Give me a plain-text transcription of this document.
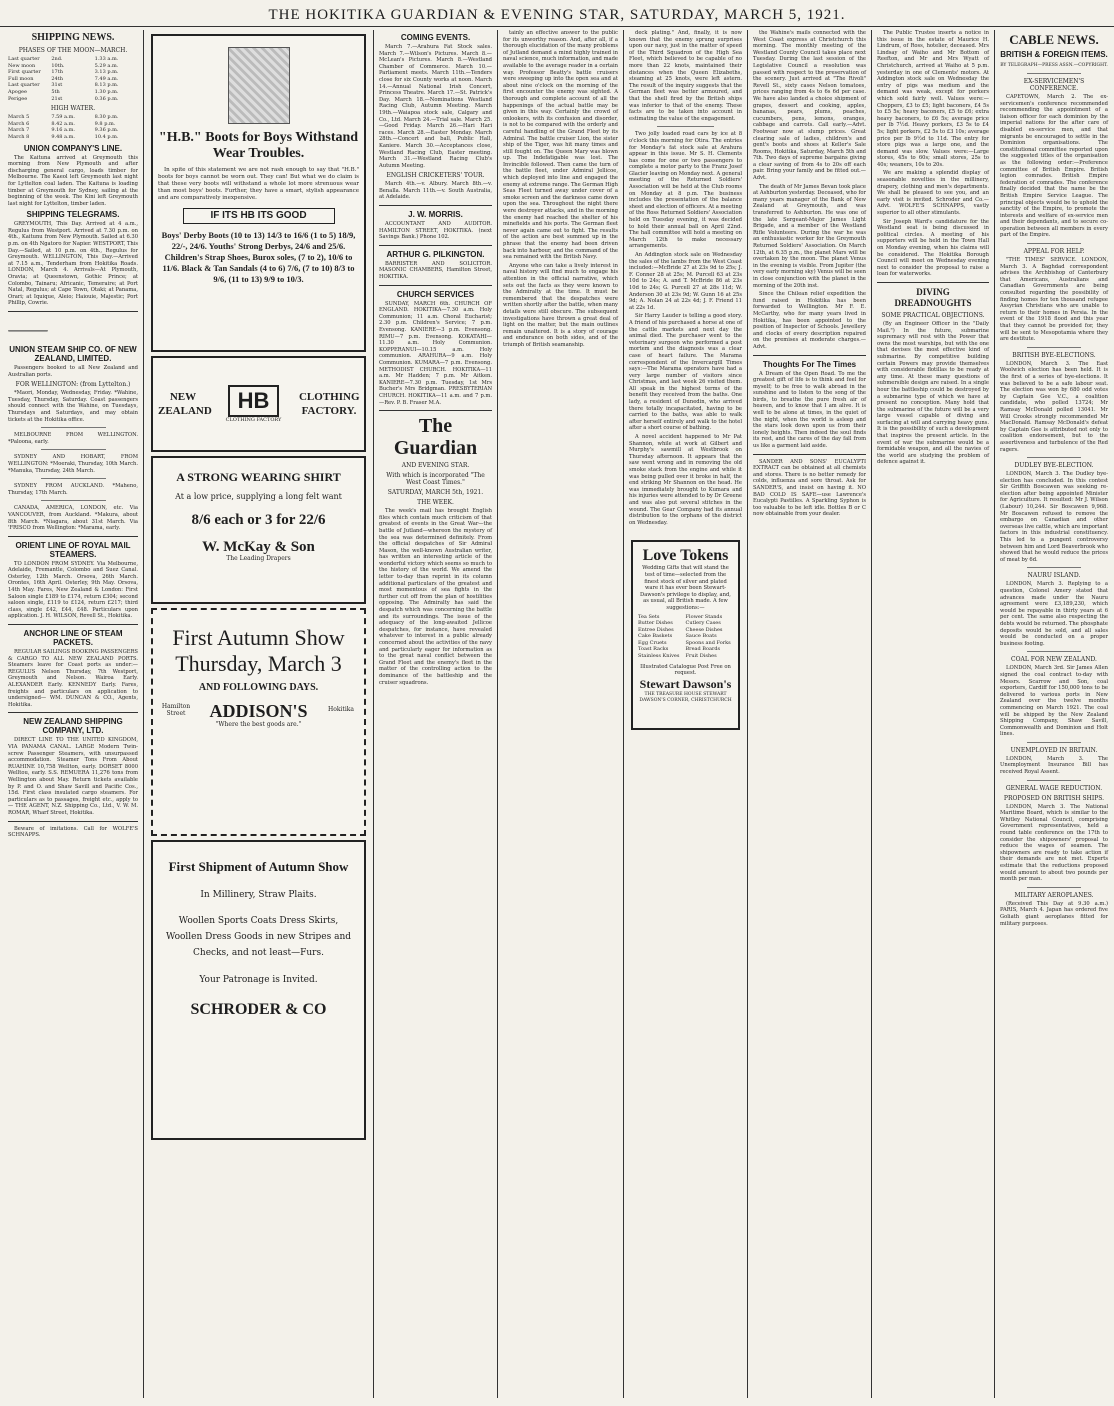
THE HOKITIKA GUARDIAN & EVENING STAR, SATURDAY, MARCH 5, 1921.
SHIPPING NEWS.
PHASES OF THE MOON—MARCH.
Last quarter	2nd.	1.33 a.m.
New moon	10th.	5.29 a.m.
First quarter	17th	3.13 p.m.
Full moon	24th	7.49 a.m.
Last quarter	31st	8.13 p.m.
Apogee	5th	1.30 p.m.
Perigee	21st	0.36 p.m.
HIGH WATER.
March 5	7.59 a.m.	8.30 p.m.
March 6	8.42 a.m.	9.8 p.m.
March 7	9.16 a.m.	9.36 p.m.
March 8	9.48 a.m.	10.4 p.m.
UNION COMPANY'S LINE.

The Kaituna arrived at Greymouth this morning from New Plymouth and after discharging general cargo, loads timber for Melbourne. The Kaeol left Greymouth last night for Lyttelton coal laden. The Kaituna is loading timber at Greymouth for Sydney, sailing at the beginning of the week. The Kini left Greymouth last night for Lyttelton, timber laden.

SHIPPING TELEGRAMS.

GREYMOUTH, This Day. Arrived at 4 a.m., Regulus from Westport. Arrived at 7.30 p.m. on 4th., Kaitunu from New Plymouth. Sailed at 6.30 p.m. on 4th Ngatoro for Napier. WESTPORT, This Day.—Sailed, at 10 p.m. on 4th., Regulus for Greymouth. WELLINGTON, This Day.—Arrived at 7.15 a.m., Tenderham from Hokitika Roads. LONDON, March 4. Arrivals—At Plymouth, Oravia; at Queenstown, Gothic Prince; at Colombo, Tainaru; Africanic, Temeraire; at Port Natal, Regulus; at Cape Town, Otaki; at Panama, Orari; at Iquique, Aleio; Haiouie, Majestic; Port Phillip, Cowrie.

UNION STEAM SHIP CO. OF NEW ZEALAND, LIMITED.

Passengers booked to all New Zealand and Australian ports.

FOR WELLINGTON: (from Lyttelton.)

*Maori, Monday, Wednesday, Friday. *Wahine, Tuesday, Thursday, Saturday. Coast passengers should connect with the Wahine, on Tuesdays, Thursdays and Saturdays, and may obtain tickets at the Hokitika office.

MELBOURNE FROM WELLINGTON. *Paloona, early.

SYDNEY AND HOBART, FROM WELLINGTON: *Moeraki, Thursday, 10th March. *Manuka, Thursday, 24th March.

SYDNEY FROM AUCKLAND. *Maheno, Thursday, 17th March.

CANADA, AMERICA, LONDON, etc. Via VANCOUVER, from Auckland. *Makura, about 8th March. *Niagara, about 31st March. Via 'FRISCO from Wellington: *Marama, early.

ORIENT LINE OF ROYAL MAIL STEAMERS.

TO LONDON FROM SYDNEY. Via Melbourne, Adelaide, Fremantle, Colombo and Suez Canal. Osterley, 12th March. Orsova, 26th March. Orontes, 16th April. Osterley, 9th May. Orsova, 14th May. Fares, New Zealand & London: First Saloon single £189 to £174, return £304; second saloon single, £119 to £124, return £217; third class, single £42, £44, £48. Particulars upon application. J. H. WILSON, Revell St., Hokitika.

ANCHOR LINE OF STEAM PACKETS.

REGULAR SAILINGS BOOKING PASSENGERS & CARGO TO ALL NEW ZEALAND PORTS. Steamers leave for Coast ports as under:— REGULUS Nelson Thursday, 7th Westport, Greymouth and Nelson. Wairoa Early. ALEXANDER Early. KENNEDY Early. Fares, freights and particulars on application to undersigned— WM. DUNCAN & CO., Agents, Hokitika.

NEW ZEALAND SHIPPING COMPANY, LTD.

DIRECT LINE TO THE UNITED KINGDOM, VIA PANAMA CANAL. LARGE Modern Twin-screw Passenger Steamers, with unsurpassed accommodation. Steamer Tons From About RUAHINE 10,758 Wellton, early. DORSET 8000 Welltou, early. S.S. REMUERA 11,276 tons from Wellington about May. Return tickets available by P. and O. and Shaw Savill and Pacific Cos., 15d. First class insulated cargo steamers. For particulars as to passages, freight etc., apply to— THE AGENT, N.Z. Shipping Co., Ltd., V. W. M. ROMAR, Wharf Street, Hokitika.

Beware of imitations. Call for WOLFE'S SCHNAPPS.

"H.B." Boots for Boys Withstand Wear Troubles.

In spite of this statement we are not rash enough to say that "H.B." boots for boys cannot be worn out. They can! But what we do claim is that these very boots will withstand a whole lot more strenuous wear than most boys' boots. Further, they have a smart, stylish appearance and are comparatively inexpensive.

IF ITS HB ITS GOOD
Boys' Derby Boots (10 to 13) 14/3 to 16/6 (1 to 5) 18/9, 22/-, 24/6. Youths' Strong Derbys, 24/6 and 25/6. Children's Strap Shoes, Burox soles, (7 to 2), 10/6 to 11/6. Black & Tan Sandals (4 to 6) 7/6, (7 to 10) 8/3 to 9/6, (11 to 13) 9/9 to 10/3.
NEW ZEALAND	HB
CLOTHING FACTORY
CLOTHING FACTORY.
A STRONG WEARING SHIRT
At a low price, supplying a long felt want
8/6 each or 3 for 22/6
W. McKay & Son
The Leading Drapers
First Autumn Show Thursday, March 3
AND FOLLOWING DAYS.
Hamilton Street	ADDISON'S	Hokitika
"Where the best goods are."
First Shipment of Autumn Show
In Millinery, Straw Plaits.
Woollen Sports Coats Dress Skirts,
Woollen Dress Goods in new Stripes and Checks, and not least—Furs.
Your Patronage is Invited.
SCHRODER & CO
COMING EVENTS.

March 7.—Arahura Fat Stock sales. March 7.—Wilson's Pictures. March 8.—McLean's Pictures. March 8.—Westland Chamber of Commerce. March 10.—Parliament meets. March 11th.—Tenders close for six County works at noon. March 14.—Annual National Irish Concert, Princess Theatre. March 17.—St. Patrick's Day. March 18.—Nominations Westland Racing Club, Autumn Meeting. March 19th.—Waiapoa stock sale, Calgary and Co., Ltd. March 24.—Trial sale. March 25.—Good Friday. March 26.—Hari Hari races. March 28.—Easter Monday. March 28th.—Concert and ball, Public Hall, Kaniere. March 30.—Acceptances close, Westland Racing Club, Easter meeting. March 31.—Westland Racing Club's Autumn Meeting.

ENGLISH CRICKETERS' TOUR.

March 4th.—v. Albury. March 8th.—v. Benalla. March 11th.—v. South Australia, at Adelaide.

J. W. MORRIS.

ACCOUNTANT AND AUDITOR. HAMILTON STREET, HOKITIKA. (next Savings Bank.) Phone 102.

ARTHUR G. PILKINGTON.

BARRISTER AND SOLICITOR. MASONIC CHAMBERS, Hamilton Street, HOKITIKA.

CHURCH SERVICES

SUNDAY, MARCH 6th. CHURCH OF ENGLAND. HOKITIKA—7.30 a.m. Holy Communion; 11 a.m. Choral Eucharist; 2.30 p.m. Children's Service; 7 p.m. Evensong. KANIERE—3 p.m. Evensong. RIMU—7 p.m. Evensong. KOKATAHI—11.30 a.m. Holy Communion. KOPPERANUI—10.15 a.m. Holy communion. ARAHURA—9 a.m. Holy Communion. KUMARA—7 p.m. Evensong. METHODIST CHURCH. HOKITIKA—11 a.m. Mr Hadden; 7 p.m. Mr Aitken. KANIERE—7.30 p.m. Tuesday, 1st Mrs Bucher's Mrs Bridgman. PRESBYTERIAN CHURCH. HOKITIKA—11 a.m. and 7 p.m.—Rev. P. B. Fraser M.A.

The Guardian
AND EVENING STAR.
With which is incorporated "The West Coast Times."
SATURDAY, MARCH 5th, 1921.
THE WEEK.

The week's mail has brought English files which contain much criticism of that greatest of events in the Great War—the battle of Jutland—whereon the mystery of the sea was determined definitely. From the official despatches of Sir Admiral Mason, the well-known Australian writer, has written an interesting article of the wonderful victory which seems so much to the history of the world. We amend the letter to-day than reprint in its column additional particulars of the greatest and most momentous of sea fights in the further cut off from the plan of hostilities opposing. The Admiralty has said the despatch which was concerning the battle and its surroundings. The issue of the adequacy of the long-awaited Jellicoe despatches, for instance, have revealed whatever to interest in a public already concerned about the activities of the navy and particularly eager for information as to the great naval conflict between the Grand Fleet and the enemy's fleet in the matter of the controlling action to the dominance of the battleship and the cruiser squadrons.

tainly an effective answer to the public for its unworthy reason. And, after all, if a thorough elucidation of the many problems of Jutland demand a mind highly trained in naval science, much information, and made available to the average reader in a certain way. Professor Beatty's battle cruisers were sweeping up into the open sea and at about nine o'clock on the morning of the first encounter the enemy was sighted. A thorough and complete account of all the happenings of the actual battle may be given in this way. Certainly the crowd of onlookers, with its confusion and disorder, is not to be compared with the orderly and careful handling of the Grand Fleet by its Admiral. The battle cruiser Lion, the sister ship of the Tiger, was hit many times and still fought on. The Queen Mary was blown up. The Indefatigable was lost. The Invincible followed. Then came the turn of the battle fleet, under Admiral Jellicoe, which deployed into line and engaged the enemy at extreme range. The German High Seas Fleet turned away under cover of a smoke screen and the darkness came down upon the sea. Throughout the night there were destroyer attacks, and in the morning the enemy had reached the shelter of his minefields and his ports. The German fleet never again came out to fight. The results of the action are best summed up in the phrase that the enemy had been driven back into harbour, and the command of the sea remained with the British Navy.

Anyone who can take a lively interest in naval history will find much to engage his attention in the official narrative, which sets out the facts as they were known to the Admiralty at the time. It must be remembered that the despatches were written shortly after the battle, when many details were still obscure. The subsequent investigations have thrown a great deal of light on the matter, but the main outlines remain unaltered. It is a story of courage and endurance on both sides, and of the triumph of British seamanship.

deck plating." And, finally, it is now known that the enemy sprung surprises upon our navy, just in the matter of speed of the Third Squadron of the High Sea Fleet, which believed to be capable of no more than 22 knots, maintained their distances when the Queen Elizabeths, steaming at 25 knots, were left astern. The result of the inquiry suggests that the German fleet was better armoured, and that the shell fired by the British ships was inferior to that of the enemy. These facts are to be taken into account in estimating the value of the engagement.

Two jolly loaded road cars by ice at 8 o'clock this morning for Otira. The entries for Monday's fat stock sale at Arahura appear in this issue. Mr S. H. Clements has come for one or two passengers to complete a motor party to the Franz Josef Glacier leaving on Monday next. A general meeting of the Returned Soldiers' Association will be held at the Club rooms on Monday at 8 p.m. The business includes the presentation of the balance sheet and election of officers. At a meeting of the Ross Returned Soldiers' Association held on Tuesday evening, it was decided to hold their annual ball on April 22nd. The hall committee will hold a meeting on March 12th to make necessary arrangements.

An Addington stock sale on Wednesday the sales of the lambs from the West Coast included:—McBride 27 at 23s 9d to 25s; J. F. Conner 28 at 25s; M. Purcell 63 at 23s 10d to 24s; A. and T. McBride 86 at 23s 10d to 24s; G. Purcell 27 at 28s 11d; W. Anderson 30 at 23s 9d; W. Gunn 16 at 25s 9d; A. Nolan 24 at 22s 4d; J. F. Friend 11 at 22s 1d.

Sir Harry Lauder is telling a good story. A friend of his purchased a horse at one of the cattle markets and next day the animal died. The purchaser went to the veterinary surgeon who performed a post mortem and the diagnosis was a clear case of heart failure. The Marama correspondent of the Invercargill Times says:—The Marama operators have had a very large number of visitors since Christmas, and last week 26 visited them. All speak in the highest terms of the benefit they received from the baths. One lady, a resident of Dunedin, who arrived there totally incapacitated, having to be carried to the baths, was able to walk after herself entirely and walk to the hotel after a short course of bathing.

A novel accident happened to Mr Pat Shannon, while at work at Gilbert and Murphy's sawmill at Westbrook on Thursday afternoon. It appears that the saw went wrong and in removing the old smoke stack from the engine and while it was being pulled over it broke in half, the end striking Mr Shannon on the head. He was immediately brought to Kumara and his injuries were attended to by Dr Greene and was also put several stitches in the wound. The Gear Company had its annual distribution to the orphans of the district on Wednesday.

Love Tokens

Wedding Gifts that will stand the test of time—selected from the finest stock of silver and plated ware it has ever been Stewart-Dawson's privilege to display, and, as usual, all British made. A few suggestions:—

Tea Sets	Flower Stands
Butter Dishes	Cutlery Cases
Entree Dishes	Cheese Dishes
Cake Baskets	Sauce Boats
Egg Cruets	Spoons and Forks
Toast Racks	Bread Boards
Stainless Knives	Fruit Dishes
Illustrated Catalogue Post Free on request.
Stewart Dawson's
THE TREASURE HOUSE STEWART DAWSON'S CORNER, CHRISTCHURCH

the Wahine's mails connected with the West Coast express at Christchurch this morning. The monthly meeting of the Westland County Council takes place next Tuesday. During the last session of the Legislative Council a resolution was passed with respect to the preservation of the scenery. Just arrived at "The Rivoli" Revell St., sixty cases Nelson tomatoes, prices ranging from 4s to 6s 6d per case. We have also landed a choice shipment of grapes, dessert and cooking, apples, bananas, pears, plums, peaches, cucumbers, pens, lemons, oranges, cabbage and carrots. Call early.—Advt. Footwear now at slump prices. Great clearing sale of ladies, children's and gent's boots and shoes at Keller's Sale Rooms, Hokitika, Saturday, March 5th and 7th. Two days of supreme bargains giving a clear saving of from 4s to 20s off each pair. Bring your family and be fitted out.—Advt.

The death of Mr James Bevan took place at Ashburton yesterday. Deceased, who for many years manager of the Bank of New Zealand at Greymouth, and was transferred to Ashburton. He was one of the late Sergeant-Major James Light Brigade, and a member of the Westland Rifle Volunteers. During the war he was an enthusiastic worker for the Greymouth Returned Soldiers' Association. On March 12th, at 6.35 p.m., the planet Mars will be overtaken by the moon. The planet Venus in the evening is visible. From Jupiter (the very early morning sky) Venus will be seen in close conjunction with the planet in the morning of the 20th inst.

Since the Chilean relief expedition the fund raised in Hokitika has been forwarded to Wellington. Mr F. E. McCarthy, who for many years lived in Hokitika, has been appointed to the position of Inspector of Schools. Jewellery and clocks of every description repaired on the premises at moderate charges.—Advt.

Thoughts For The Times

A Dream of the Open Road. To me the greatest gift of life is to think and feel for myself; to be free to walk abroad in the sunshine and to listen to the song of the birds, to breathe the pure fresh air of heaven, and to know that I am alive. It is well to be alone at times, in the quiet of the night, when the world is asleep and the stars look down upon us from their lonely heights. Then indeed the soul finds its rest, and the cares of the day fall from us like a garment laid aside.

SANDER AND SONS' EUCALYPTI EXTRACT can be obtained at all chemists and stores. There is no better remedy for colds, influenza and sore throat. Ask for SANDER'S, and insist on having it. NO BAD COLD IS SAFE—use Lawrence's Eucalypti Pastilles. A Sparkling Syphon is too valuable to be left idle. Bottles B or C now obtainable from your dealer.

The Public Trustee inserts a notice in this issue in the estate of Maurice H. Lindrum, of Ross, hotelier, deceased. Mrs Lindsay of Waiho and Mr Bottom of Reefton, and Mr and Mrs Wyatt of Christchurch, arrived at Waiho at 5 p.m. yesterday in one of Clements' motors. At Addington stock sale on Wednesday the entry of pigs was medium and the demand was weak, except for porkers which sold fairly well. Values were:—Choppers, £3 to £5; light baconers, £4 5s to £5 5s; heavy baconers, £5 to £6; extra heavy baconers, to £6 5s; average price per lb 7½d. Heavy porkers, £3 5s to £4 5s; light porkers, £2 5s to £3 10s; average price per lb 9½d to 11d. The entry for store pigs was a large one, and the demand was slow. Values were:—Large stores, 45s to 60s; small stores, 25s to 40s; weaners, 10s to 20s.

We are making a splendid display of seasonable novelties in the millinery, drapery, clothing and men's departments. We shall be pleased to see you, and an early visit is invited. Schroder and Co.—Advt. WOLFE'S SCHNAPPS, vastly superior to all other stimulants.

Sir Joseph Ward's candidature for the Westland seat is being discussed in political circles. A meeting of his supporters will be held in the Town Hall on Monday evening, when his claims will be considered. The Hokitika Borough Council will meet on Wednesday evening next to consider the proposal to raise a loan for waterworks.

DIVING DREADNOUGHTS
SOME PRACTICAL OBJECTIONS.

(By an Engineer Officer in the "Daily Mail.") In the future, submarine supremacy will rest with the Power that owns the most warships, but with the one that devises the most effective kind of submarine. By competitive building certain Powers may provide themselves with considerable flotillas to be ready at any time. At these many questions of submersible design are raised. In a single hour the battleship could be destroyed by a submarine type of which we have at present no conception. Many hold that the submarine of the future will be a very large vessel capable of diving and surfacing at will and carrying heavy guns. It is the possibility of such a development that inspires the present article. In the event of war the submarine would be a formidable weapon, and all the navies of the world are studying the problem of defence against it.

CABLE NEWS.
BRITISH & FOREIGN ITEMS.
BY TELEGRAPH—PRESS ASSN.—COPYRIGHT.
EX-SERVICEMEN'S CONFERENCE.

CAPETOWN, March 2. The ex-servicemen's conference recommended recommending the appointment of a liaison officer for each dominion by the imperial nations for the after care of disabled ex-service men, and that migrants be encouraged to settle in the Dominion organisations. The constitutional committee reported upon the suggested titles of the organisation as the following order:—Preference committee of British Empire. British legion comrades. British Empire federation of comrades. The conference finally decided that the name be the British Empire Service League. The principal objects would be to uphold the sanctity of the Empire, to promote the interests and welfare of ex-service men and their dependants, and to secure co-operation between all members in every part of the Empire.

APPEAL FOR HELP.

"THE TIMES" SERVICE. LONDON, March 3. A Baghdad correspondent advises the Archbishop of Canterbury that Americans, Australians and Canadian Governments are being consulted regarding the possibility of finding homes for ten thousand refugee Assyrian Christians who are unable to return to their homes in Persia. In the event of the 1918 flood and this year that they cannot be provided for, they will be sent to Mesopotamia where they are destitute.

BRITISH BYE-ELECTIONS.

LONDON, March 3. The East Woolwich election has been held. It is the first of a series of bye-elections. It was believed to be a safe labour seat. The election was won by 680 odd votes by Captain Gee V.C., a coalition candidate, who polled 13724; Mr Ramsay McDonald polled 13041. Mr Will Crooks strongly recommended Mr MacDonald. Ramsay McDonald's defeat by Captain Gee is attributed not only to coalition endorsement, but to the assertiveness and turbulence of the Red ragers.

DUDLEY BYE-ELECTION.

LONDON, March 3. The Dudley bye-election has concluded. In this contest Sir Griffith Boscawen was seeking re-election after being appointed Minister for Agriculture. It resulted: Mr J. Wilson (Labour) 10,244. Sir Boscawen 9,968. Mr Boscawen refused to remove the embargo on Canadian and other overseas live cattle, which are important factors in this industrial constituency. This led to a pungent controversy between him and Lord Beaverbrook who showed that he would reduce the prices of meat by 6d.

NAURU ISLAND.

LONDON, March 3. Replying to a question, Colonel Amery stated that advances made under the Nauru agreement were £3,189,230, which would be repayable in thirty years at 6 per cent. The same also respecting the debts would be returned. The phosphate deposits would be sold, and all sales would be conducted on a proper business footing.

COAL FOR NEW ZEALAND.

LONDON, March 3rd. Sir James Allen signed the coal contract to-day with Messrs. Scarrow and Son, coal exporters, Cardiff for 150,000 tons to be delivered to various ports in New Zealand over the twelve months commencing on March 1921. The coal will be shipped by the New Zealand Shipping Company, Shaw Savill, Commonwealth and Dominion and Holt lines.

UNEMPLOYED IN BRITAIN.

LONDON, March 3. The Unemployment Insurance Bill has received Royal Assent.

GENERAL WAGE REDUCTION.
PROPOSED ON BRITISH SHIPS.

LONDON, March 3. The National Maritime Board, which is similar to the Whitley National Council, comprising Government representatives, held a round table conference on the 17th to consider the shipowners' proposal to reduce the wages of seamen. The shipowners are ready to take action if their demands are not met. Experts estimate that the reductions proposed would amount to about two pounds per month per man.

MILITARY AEROPLANES.

(Received This Day at 9.30 a.m.) PARIS, March 4. Japan has ordered five Goliath giant aeroplanes fitted for military purposes.
